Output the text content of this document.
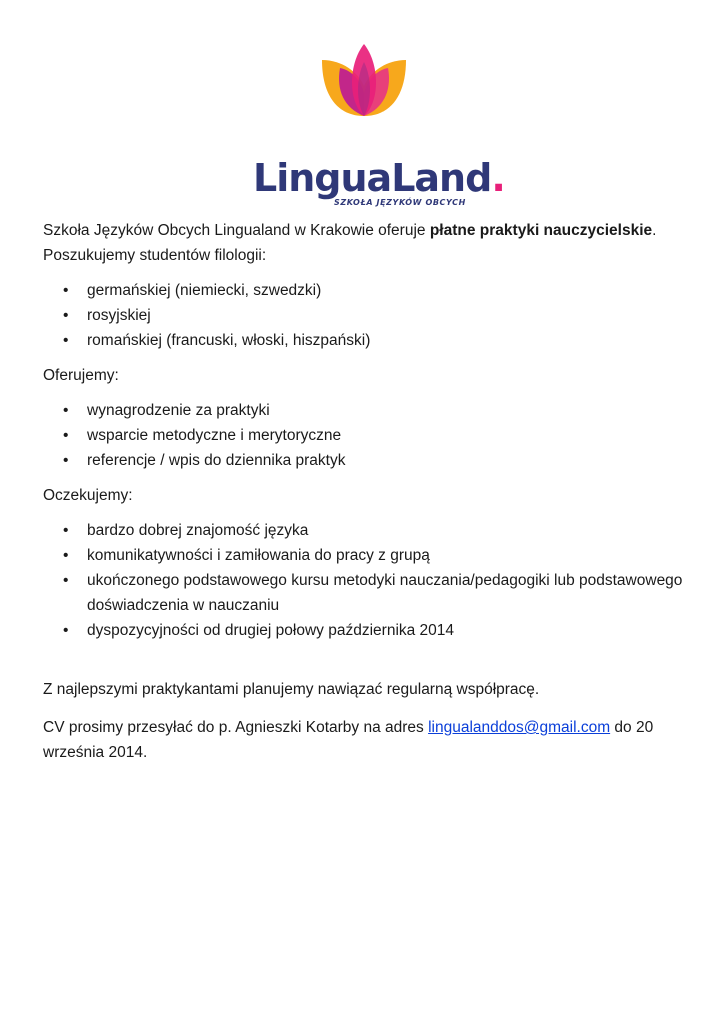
LinguaLand.
SZKOŁA JĘZYKÓW OBCYCH

Szkoła Języków Obcych Lingualand w Krakowie oferuje płatne praktyki nauczycielskie.
Poszukujemy studentów filologii:

• germańskiej (niemiecki, szwedzki)
• rosyjskiej
• romańskiej (francuski, włoski, hiszpański)

Oferujemy:

• wynagrodzenie za praktyki
• wsparcie metodyczne i merytoryczne
• referencje / wpis do dziennika praktyk

Oczekujemy:

• bardzo dobrej znajomość języka
• komunikatywności i zamiłowania do pracy z grupą
• ukończonego podstawowego kursu metodyki nauczania/pedagogiki lub podstawowego doświadczenia w nauczaniu
• dyspozycyjności od drugiej połowy października 2014

Z najlepszymi praktykantami planujemy nawiązać regularną współpracę.

CV prosimy przesyłać do p. Agnieszki Kotarby na adres lingualanddos@gmail.com do 20 września 2014.
